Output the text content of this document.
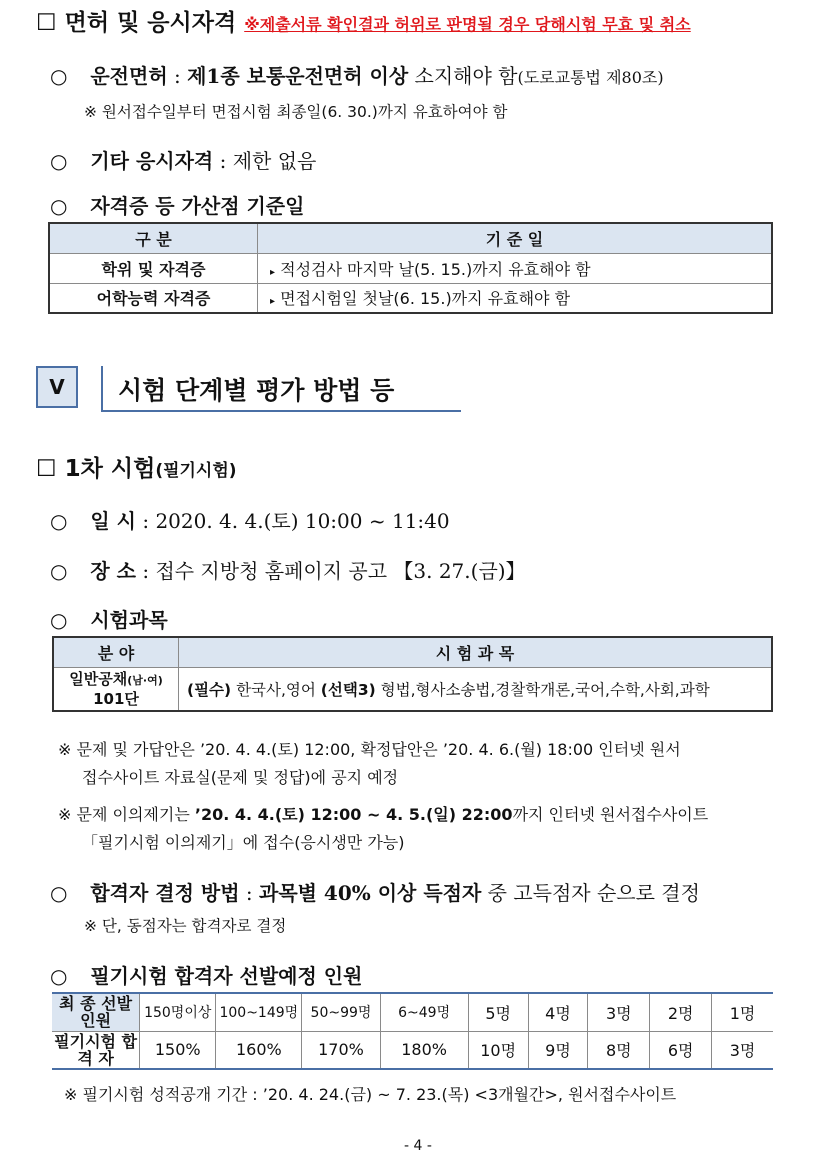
☐ 면허 및 응시자격 ※제출서류 확인결과 허위로 판명될 경우 당해시험 무효 및 취소
○ 운전면허 : 제1종 보통운전면허 이상 소지해야 함(도로교통법 제80조)
※ 원서접수일부터 면접시험 최종일(6. 30.)까지 유효하여야 함
○ 기타 응시자격 : 제한 없음
○ 자격증 등 가산점 기준일
구 분	기 준 일
학위 및 자격증	▸ 적성검사 마지막 날(5. 15.)까지 유효해야 함
어학능력 자격증	▸ 면접시험일 첫날(6. 15.)까지 유효해야 함
V	시험 단계별 평가 방법 등
☐ 1차 시험(필기시험)
○ 일 시 : 2020. 4. 4.(토) 10:00 ~ 11:40
○ 장 소 : 접수 지방청 홈페이지 공고 【3. 27.(금)】
○ 시험과목
분 야	시 험 과 목
일반공채(남·여)
101단	(필수) 한국사,영어 (선택3) 형법,형사소송법,경찰학개론,국어,수학,사회,과학
※ 문제 및 가답안은 ’20. 4. 4.(토) 12:00, 확정답안은 ’20. 4. 6.(월) 18:00 인터넷 원서
접수사이트 자료실(문제 및 정답)에 공지 예정
※ 문제 이의제기는 ’20. 4. 4.(토) 12:00 ~ 4. 5.(일) 22:00까지 인터넷 원서접수사이트
「필기시험 이의제기」에 접수(응시생만 가능)
○ 합격자 결정 방법 : 과목별 40% 이상 득점자 중 고득점자 순으로 결정
※ 단, 동점자는 합격자로 결정
○ 필기시험 합격자 선발예정 인원
최 종 선발인원	150명이상	100~149명	50~99명	6~49명	5명	4명	3명	2명	1명
필기시험 합 격 자	150%	160%	170%	180%	10명	9명	8명	6명	3명
※ 필기시험 성적공개 기간 : ’20. 4. 24.(금) ~ 7. 23.(목) <3개월간>, 원서접수사이트
- 4 -
